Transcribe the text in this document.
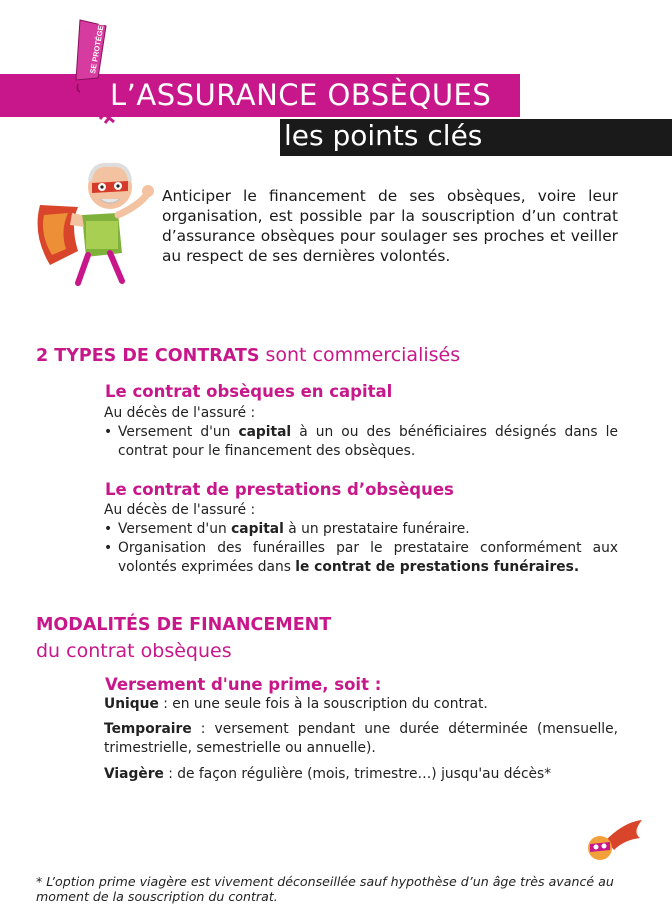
L’ASSURANCE OBSÈQUES
les points clés
SE PROTÉGER
Anticiper le financement de ses obsèques, voire leur organisation, est possible par la souscription d’un contrat d’assurance obsèques pour soulager ses proches et veiller au respect de ses dernières volontés.
2 TYPES DE CONTRATS sont commercialisés
Le contrat obsèques en capital
Au décès de l'assuré :
• Versement d'un capital à un ou des bénéficiaires désignés dans le contrat pour le financement des obsèques.
Le contrat de prestations d’obsèques
Au décès de l'assuré :
• Versement d'un capital à un prestataire funéraire.
• Organisation des funérailles par le prestataire conformément aux volontés exprimées dans le contrat de prestations funéraires.
MODALITÉS DE FINANCEMENT
du contrat obsèques
Versement d'une prime, soit :
Unique : en une seule fois à la souscription du contrat.
Temporaire : versement pendant une durée déterminée (mensuelle, trimestrielle, semestrielle ou annuelle).
Viagère : de façon régulière (mois, trimestre…) jusqu'au décès*
* L’option prime viagère est vivement déconseillée sauf hypothèse d’un âge très avancé au moment de la souscription du contrat.
